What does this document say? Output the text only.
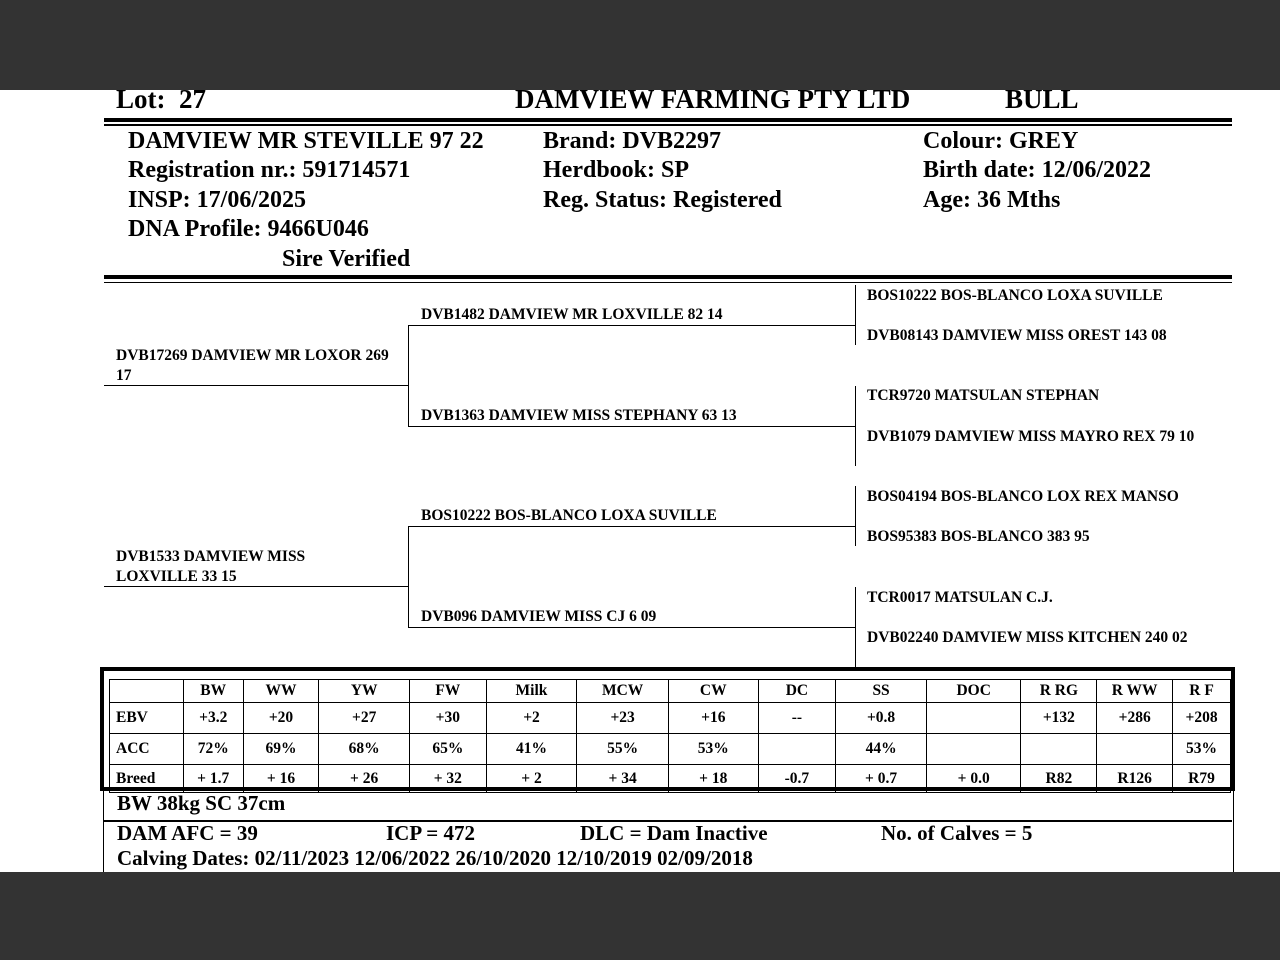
Lot: 27	DAMVIEW FARMING PTY LTD	BULL
DAMVIEW MR STEVILLE 97 22
Registration nr.: 591714571
INSP: 17/06/2025
DNA Profile: 9466U046
Sire Verified
Brand: DVB2297
Herdbook: SP
Reg. Status: Registered
Colour: GREY
Birth date: 12/06/2022
Age: 36 Mths
DVB17269 DAMVIEW MR LOXOR 269 17
DVB1533 DAMVIEW MISS LOXVILLE 33 15
DVB1482 DAMVIEW MR LOXVILLE 82 14
DVB1363 DAMVIEW MISS STEPHANY 63 13
BOS10222 BOS-BLANCO LOXA SUVILLE
DVB096 DAMVIEW MISS CJ 6 09
BOS10222 BOS-BLANCO LOXA SUVILLE
DVB08143 DAMVIEW MISS OREST 143 08
TCR9720 MATSULAN STEPHAN
DVB1079 DAMVIEW MISS MAYRO REX 79 10
BOS04194 BOS-BLANCO LOX REX MANSO
BOS95383 BOS-BLANCO 383 95
TCR0017 MATSULAN C.J.
DVB02240 DAMVIEW MISS KITCHEN 240 02
	BW	WW	YW	FW	Milk	MCW	CW	DC	SS	DOC	R RG	R WW	R F
EBV	+3.2	+20	+27	+30	+2	+23	+16	--	+0.8		+132	+286	+208
ACC	72%	69%	68%	65%	41%	55%	53%		44%				53%
Breed	+ 1.7	+ 16	+ 26	+ 32	+ 2	+ 34	+ 18	-0.7	+ 0.7	+ 0.0	R82	R126	R79
BW 38kg SC 37cm
DAM AFC = 39	ICP = 472	DLC = Dam Inactive	No. of Calves = 5
Calving Dates: 02/11/2023 12/06/2022 26/10/2020 12/10/2019 02/09/2018
